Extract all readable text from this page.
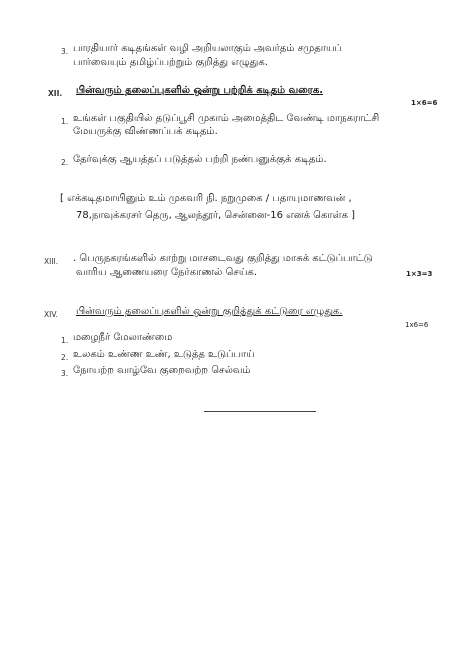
3. பாரதியார் கடிதங்கள் வழி அறியலாகும் அவர்தம் சமுதாயப்
பார்வையும் தமிழ்ப்பற்றும் குறித்து எழுதுக.
XII. பின்வரும் தலைப்புகளில் ஒன்று பற்றிக் கடிதம் வரைக.
1×6=6
1. உங்கள் பகுதியில் தடுப்பூசி முகாம் அமைத்திட வேண்டி மாநகராட்சி
மேயருக்கு விண்ணப்பக் கடிதம்.
2. தேர்வுக்கு ஆயத்தப் படுத்தல் பற்றி நண்பனுக்குக் கடிதம்.
[ எக்கடிதமாயினும் உம் முகவரி நி. நறுமுகை / பதாயுமாணவன் ,
78,நாவுக்கரசர் தெரு, ஆலந்தூர், சென்னை-16 எனக் கொள்க ]
XIII. . பெருநகரங்களில் காற்று மாசடைவது குறித்து மாசுக் கட்டுப்பாட்டு
வாரிய ஆணையரை நேர்காணல் செய்க.	1×3=3
XIV. பின்வரும் தலைப்புகளில் ஒன்று குறித்துக் கட்டுரை எழுதுக.
1x6=6
1. மழைநீர் மேலாண்மை
2. உலகம் உண்ண உண், உடுத்த உடுப்பாய்
3. நோயற்ற வாழ்வே குறைவற்ற செல்வம்
